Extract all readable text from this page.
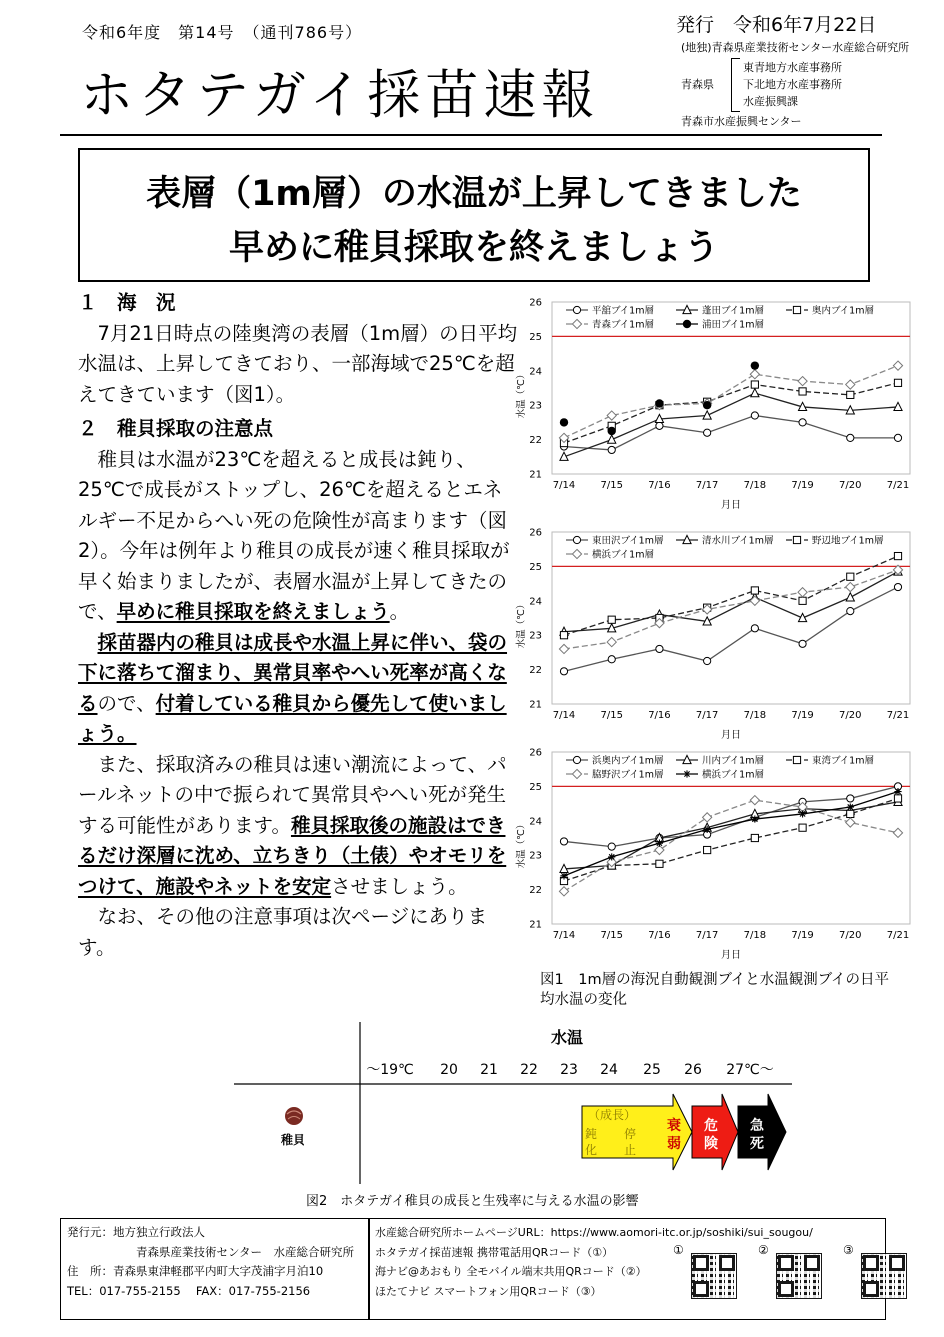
令和6年度　第14号　（通刊786号）
ホタテガイ採苗速報
発行　令和6年7月22日
(地独)青森県産業技術センター水産総合研究所
青森県
東青地方水産事務所
下北地方水産事務所
水産振興課
青森市水産振興センター
表層（1m層）の水温が上昇してきました
早めに稚貝採取を終えましょう

１　海　況

　7月21日時点の陸奥湾の表層（1m層）の日平均水温は、上昇してきており、一部海域で25℃を超えてきています（図1）。

２　稚貝採取の注意点

　稚貝は水温が23℃を超えると成長は鈍り、25℃で成長がストップし、26℃を超えるとエネルギー不足からへい死の危険性が高まります（図2）。今年は例年より稚貝の成長が速く稚貝採取が早く始まりましたが、表層水温が上昇してきたので、早めに稚貝採取を終えましょう。

　採苗器内の稚貝は成長や水温上昇に伴い、袋の下に落ちて溜まり、異常貝率やへい死率が高くなるので、付着している稚貝から優先して使いましょう。

　また、採取済みの稚貝は速い潮流によって、パールネットの中で振られて異常貝やへい死が発生する可能性があります。稚貝採取後の施設はできるだけ深層に沈め、立ちきり（土俵）やオモリをつけて、施設やネットを安定させましょう。

　なお、その他の注意事項は次ページにあります。

21
22
23
24
25
26
7/14	7/15	7/16	7/17	7/18	7/19	7/20	7/21
月日
水温（℃）
平舘ブイ1m層	蓬田ブイ1m層	奥内ブイ1m層
青森ブイ1m層	浦田ブイ1m層
21
22
23
24
25
26
7/14	7/15	7/16	7/17	7/18	7/19	7/20	7/21
月日
水温（℃）
東田沢ブイ1m層	清水川ブイ1m層	野辺地ブイ1m層
横浜ブイ1m層
21
22
23
24
25
26
7/14	7/15	7/16	7/17	7/18	7/19	7/20	7/21
月日
水温（℃）
浜奥内ブイ1m層	川内ブイ1m層	東湾ブイ1m層
脇野沢ブイ1m層	横浜ブイ1m層
図1　1m層の海況自動観測ブイと水温観測ブイの日平均水温の変化
水温
～19℃ 20 21 22 23 24 25 26 27℃～
稚貝
（成長）
鈍
化
停
止
衰
弱
危
険
急
死
図2　ホタテガイ稚貝の成長と生残率に与える水温の影響
発行元：地方独立行政法人
　　　　　　青森県産業技術センター　水産総合研究所
住　所：青森県東津軽郡平内町大字茂浦字月泊10
TEL：017-755-2155　 FAX：017-755-2156
水産総合研究所ホームページURL：https://www.aomori-itc.or.jp/soshiki/sui_sougou/
ホタテガイ採苗速報 携帯電話用QRコード（①）
海ナビ@あおもり 全モバイル端末共用QRコード（②）
ほたてナビ スマートフォン用QRコード（③）
①	②	③
